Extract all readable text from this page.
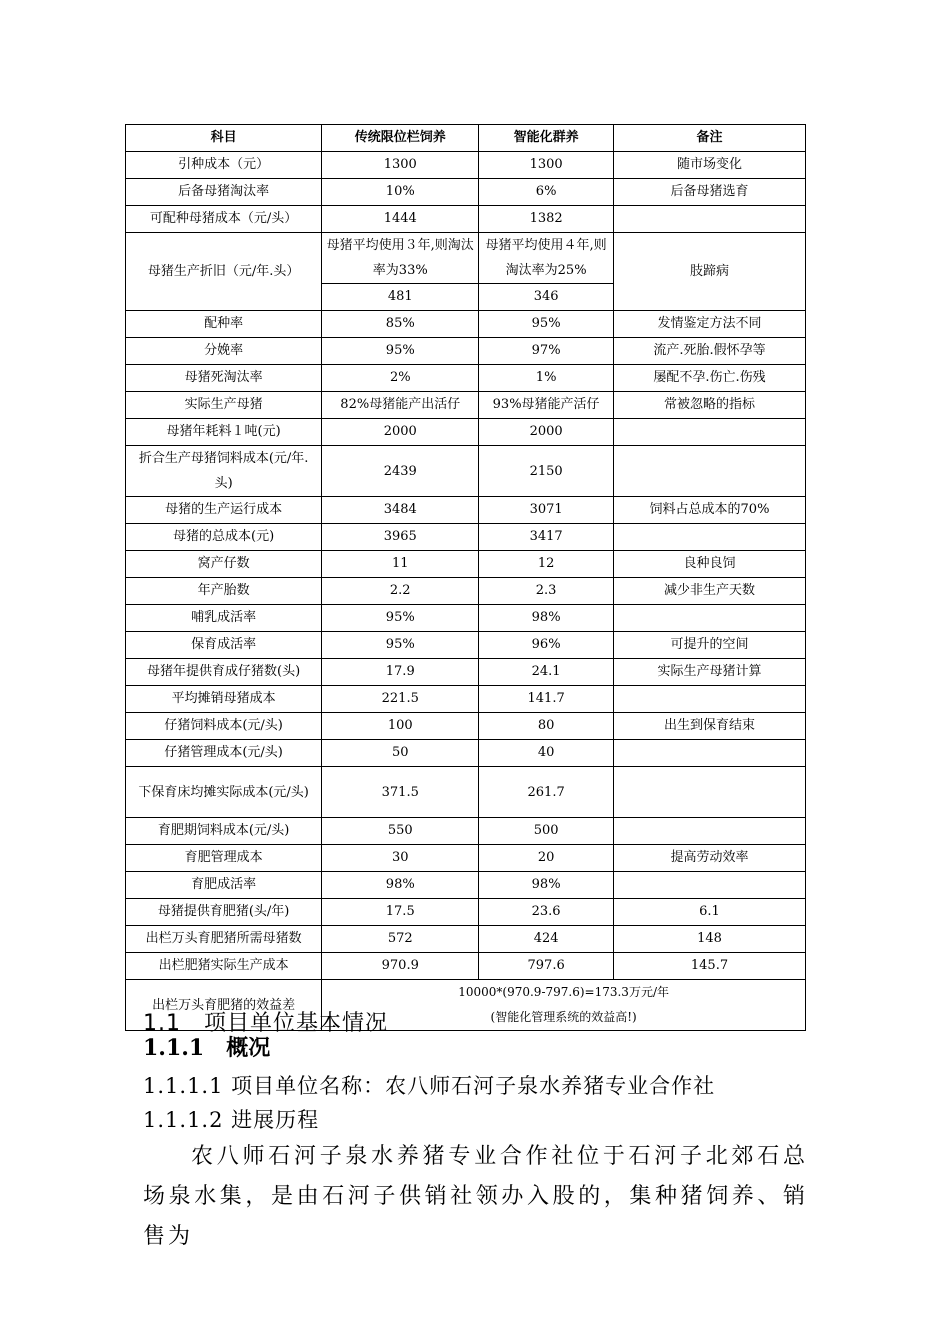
科目	传统限位栏饲养	智能化群养	备注
引种成本（元）	1300	1300	随市场变化
后备母猪淘汰率	10%	6%	后备母猪选育
可配种母猪成本（元/头）	1444	1382	
母猪生产折旧（元/年.头）	母猪平均使用３年,则淘汰率为33%	母猪平均使用４年,则淘汰率为25%	肢蹄病
	481	346	
配种率	85%	95%	发情鉴定方法不同
分娩率	95%	97%	流产.死胎.假怀孕等
母猪死淘汰率	2%	1%	屡配不孕.伤亡.伤残
实际生产母猪	82%母猪能产出活仔	93%母猪能产活仔	常被忽略的指标
母猪年耗料１吨(元)	2000	2000	
折合生产母猪饲料成本(元/年.头)	2439	2150	
母猪的生产运行成本	3484	3071	饲料占总成本的70%
母猪的总成本(元)	3965	3417	
窝产仔数	11	12	良种良饲
年产胎数	2.2	2.3	减少非生产天数
哺乳成活率	95%	98%	
保育成活率	95%	96%	可提升的空间
母猪年提供育成仔猪数(头)	17.9	24.1	实际生产母猪计算
平均摊销母猪成本	221.5	141.7	
仔猪饲料成本(元/头)	100	80	出生到保育结束
仔猪管理成本(元/头)	50	40	
下保育床均摊实际成本(元/头)	371.5	261.7	
育肥期饲料成本(元/头)	550	500	
育肥管理成本	30	20	提高劳动效率
育肥成活率	98%	98%	
母猪提供育肥猪(头/年)	17.5	23.6	6.1
出栏万头育肥猪所需母猪数	572	424	148
出栏肥猪实际生产成本	970.9	797.6	145.7
出栏万头育肥猪的效益差	10000*(970.9-797.6)=173.3万元/年
(智能化管理系统的效益高!)		
1.1　项目单位基本情况
1.1.1　概况
1.1.1.1 项目单位名称：农八师石河子泉水养猪专业合作社
1.1.1.2 进展历程
农八师石河子泉水养猪专业合作社位于石河子北郊石总场泉水集，是由石河子供销社领办入股的，集种猪饲养、销售为
